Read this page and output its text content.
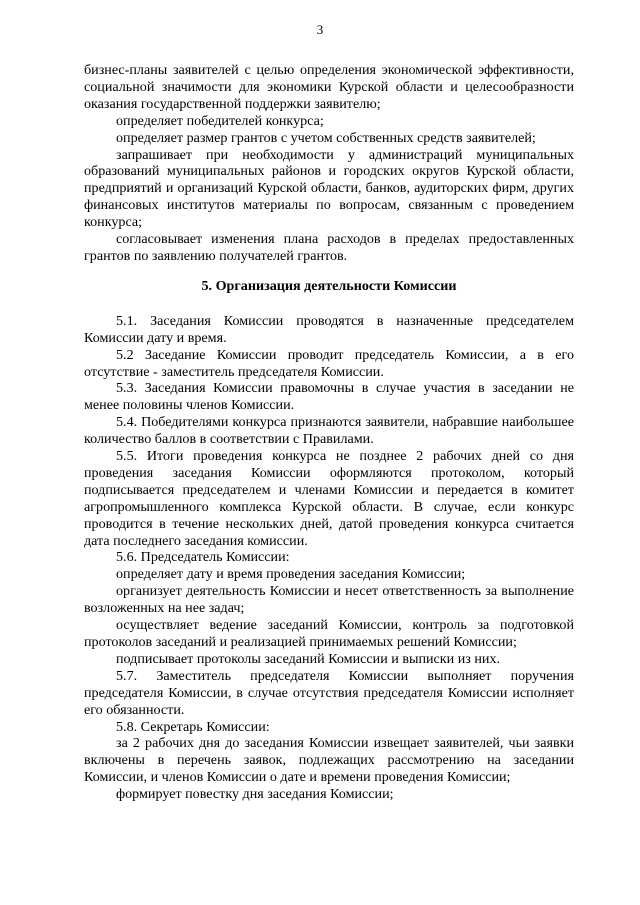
3

бизнес-планы заявителей с целью определения экономической эффективности, социальной значимости для экономики Курской области и целесообразности оказания государственной поддержки заявителю;

определяет победителей конкурса;

определяет размер грантов с учетом собственных средств заявителей;

запрашивает при необходимости у администраций муниципальных образований муниципальных районов и городских округов Курской области, предприятий и организаций Курской области, банков, аудиторских фирм, других финансовых институтов материалы по вопросам, связанным с проведением конкурса;

согласовывает изменения плана расходов в пределах предоставленных грантов по заявлению получателей грантов.

5. Организация деятельности Комиссии

5.1. Заседания Комиссии проводятся в назначенные председателем Комиссии дату и время.

5.2 Заседание Комиссии проводит председатель Комиссии, а в его отсутствие - заместитель председателя Комиссии.

5.3. Заседания Комиссии правомочны в случае участия в заседании не менее половины членов Комиссии.

5.4. Победителями конкурса признаются заявители, набравшие наибольшее количество баллов в соответствии с Правилами.

5.5. Итоги проведения конкурса не позднее 2 рабочих дней со дня проведения заседания Комиссии оформляются протоколом, который подписывается председателем и членами Комиссии и передается в комитет агропромышленного комплекса Курской области. В случае, если конкурс проводится в течение нескольких дней, датой проведения конкурса считается дата последнего заседания комиссии.

5.6. Председатель Комиссии:

определяет дату и время проведения заседания Комиссии;

организует деятельность Комиссии и несет ответственность за выполнение возложенных на нее задач;

осуществляет ведение заседаний Комиссии, контроль за подготовкой протоколов заседаний и реализацией принимаемых решений Комиссии;

подписывает протоколы заседаний Комиссии и выписки из них.

5.7. Заместитель председателя Комиссии выполняет поручения председателя Комиссии, в случае отсутствия председателя Комиссии исполняет его обязанности.

5.8. Секретарь Комиссии:

за 2 рабочих дня до заседания Комиссии извещает заявителей, чьи заявки включены в перечень заявок, подлежащих рассмотрению на заседании Комиссии, и членов Комиссии о дате и времени проведения Комиссии;

формирует повестку дня заседания Комиссии;
